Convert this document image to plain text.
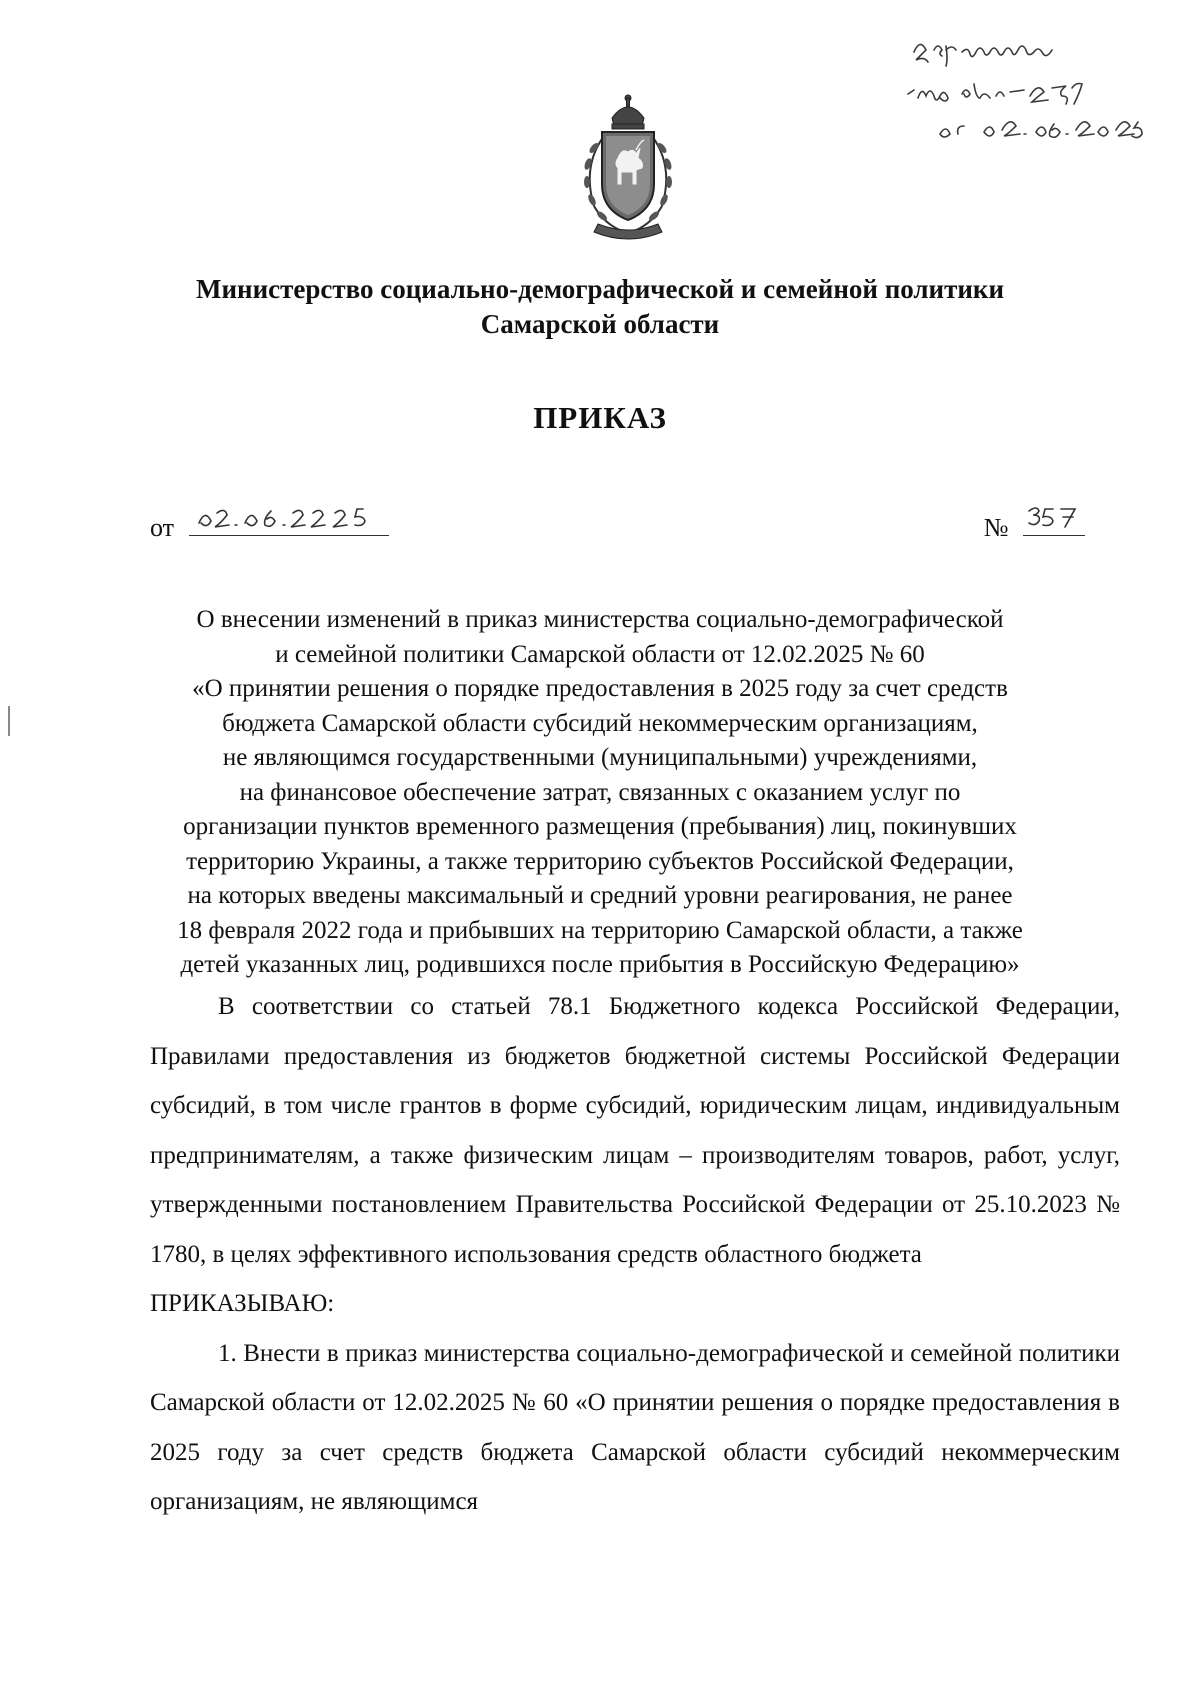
Министерство социально-демографической и семейной политики
Самарской области
ПРИКАЗ
от	№

О внесении изменений в приказ министерства социально-демографической

и семейной политики Самарской области от 12.02.2025 № 60

«О принятии решения о порядке предоставления в 2025 году за счет средств

бюджета Самарской области субсидий некоммерческим организациям,

не являющимся государственными (муниципальными) учреждениями,

на финансовое обеспечение затрат, связанных с оказанием услуг по

организации пунктов временного размещения (пребывания) лиц, покинувших

территорию Украины, а также территорию субъектов Российской Федерации,

на которых введены максимальный и средний уровни реагирования, не ранее

18 февраля 2022 года и прибывших на территорию Самарской области, а также

детей указанных лиц, родившихся после прибытия в Российскую Федерацию»

В соответствии со статьей 78.1 Бюджетного кодекса Российской Федерации, Правилами предоставления из бюджетов бюджетной системы Российской Федерации субсидий, в том числе грантов в форме субсидий, юридическим лицам, индивидуальным предпринимателям, а также физическим лицам – производителям товаров, работ, услуг, утвержденными постановлением Правительства Российской Федерации от 25.10.2023 № 1780, в целях эффективного использования средств областного бюджета
ПРИКАЗЫВАЮ:

1. Внести в приказ министерства социально-демографической и семейной политики Самарской области от 12.02.2025 № 60 «О принятии решения о порядке предоставления в 2025 году за счет средств бюджета Самарской области субсидий некоммерческим организациям, не являющимся
